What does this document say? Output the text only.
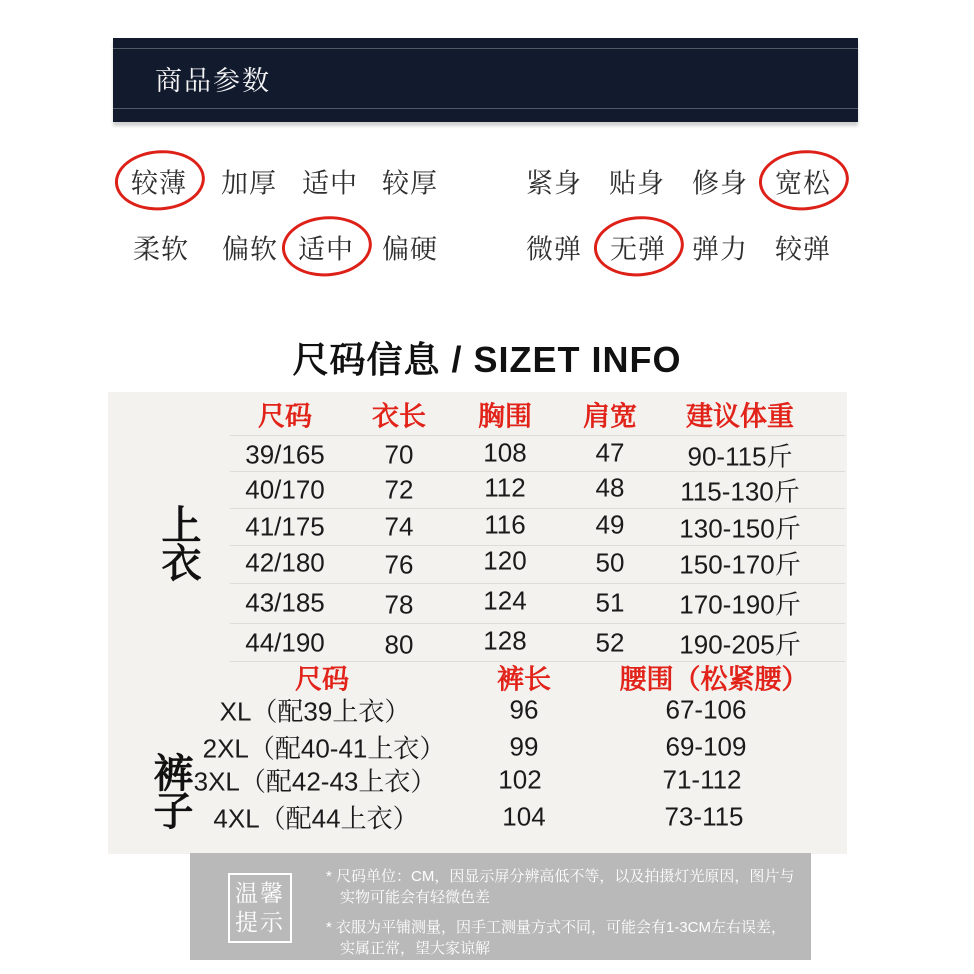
商品参数
较薄 加厚 适中 较厚	紧身 贴身 修身 宽松
柔软 偏软 适中 偏硬	微弹 无弹 弹力 较弹
尺码信息 / SIZET INFO
上衣
裤子
尺码 衣长 胸围 肩宽 建议体重
39/165 70	108	47 90-115斤
40/170 72	112	48 115-130斤
41/175 74	116	49 130-150斤
42/180 76	120	50 150-170斤
43/185 78	124	51 170-190斤
44/190 80	128	52 190-205斤
尺码	裤长	腰围（松紧腰）
XL（配39上衣）	96	67-106
2XL（配40-41上衣） 99	69-109
3XL（配42-43上衣） 102	71-112
4XL（配44上衣）	104	73-115
温馨
提示
* 尺码单位：CM，因显示屏分辨高低不等，以及拍摄灯光原因，图片与
实物可能会有轻微色差
* 衣服为平铺测量，因手工测量方式不同，可能会有1-3CM左右误差，
实属正常，望大家谅解
